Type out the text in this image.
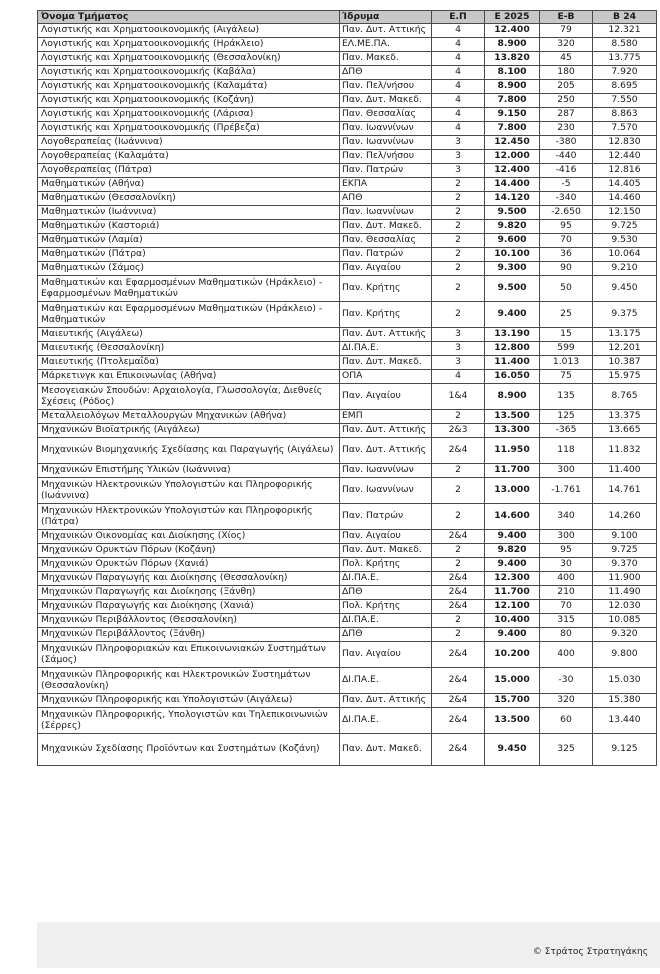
Όνομα Τμήματος	Ίδρυμα	Ε.Π	Ε 2025	Ε-Β	Β 24
Λογιστικής και Χρηματοοικονομικής (Αιγάλεω)	Παν. Δυτ. Αττικής	4	12.400	79	12.321
Λογιστικής και Χρηματοοικονομικής (Ηράκλειο)	ΕΛ.ΜΕ.ΠΑ.	4	8.900	320	8.580
Λογιστικής και Χρηματοοικονομικής (Θεσσαλονίκη)	Παν. Μακεδ.	4	13.820	45	13.775
Λογιστικής και Χρηματοοικονομικής (Καβάλα)	ΔΠΘ	4	8.100	180	7.920
Λογιστικής και Χρηματοοικονομικής (Καλαμάτα)	Παν. Πελ/νήσου	4	8.900	205	8.695
Λογιστικής και Χρηματοοικονομικής (Κοζάνη)	Παν. Δυτ. Μακεδ.	4	7.800	250	7.550
Λογιστικής και Χρηματοοικονομικής (Λάρισα)	Παν. Θεσσαλίας	4	9.150	287	8.863
Λογιστικής και Χρηματοοικονομικής (Πρέβεζα)	Παν. Ιωαννίνων	4	7.800	230	7.570
Λογοθεραπείας (Ιωάννινα)	Παν. Ιωαννίνων	3	12.450	-380	12.830
Λογοθεραπείας (Καλαμάτα)	Παν. Πελ/νήσου	3	12.000	-440	12.440
Λογοθεραπείας (Πάτρα)	Παν. Πατρών	3	12.400	-416	12.816
Μαθηματικών (Αθήνα)	ΕΚΠΑ	2	14.400	-5	14.405
Μαθηματικών (Θεσσαλονίκη)	ΑΠΘ	2	14.120	-340	14.460
Μαθηματικών (Ιωάννινα)	Παν. Ιωαννίνων	2	9.500	-2.650	12.150
Μαθηματικών (Καστοριά)	Παν. Δυτ. Μακεδ.	2	9.820	95	9.725
Μαθηματικών (Λαμία)	Παν. Θεσσαλίας	2	9.600	70	9.530
Μαθηματικών (Πάτρα)	Παν. Πατρών	2	10.100	36	10.064
Μαθηματικών (Σάμος)	Παν. Αιγαίου	2	9.300	90	9.210
Μαθηματικών και Εφαρμοσμένων Μαθηματικών (Ηράκλειο) - Εφαρμοσμένων Μαθηματικών	Παν. Κρήτης	2	9.500	50	9.450
Μαθηματικών και Εφαρμοσμένων Μαθηματικών (Ηράκλειο) - Μαθηματικών	Παν. Κρήτης	2	9.400	25	9.375
Μαιευτικής (Αιγάλεω)	Παν. Δυτ. Αττικής	3	13.190	15	13.175
Μαιευτικής (Θεσσαλονίκη)	ΔΙ.ΠΑ.Ε.	3	12.800	599	12.201
Μαιευτικής (Πτολεμαΐδα)	Παν. Δυτ. Μακεδ.	3	11.400	1.013	10.387
Μάρκετινγκ και Επικοινωνίας (Αθήνα)	ΟΠΑ	4	16.050	75	15.975
Μεσογειακών Σπουδών: Αρχαιολογία, Γλωσσολογία, Διεθνείς Σχέσεις (Ρόδος)	Παν. Αιγαίου	1&4	8.900	135	8.765
Μεταλλειολόγων Μεταλλουργών Μηχανικών (Αθήνα)	ΕΜΠ	2	13.500	125	13.375
Μηχανικών Βιοϊατρικής (Αιγάλεω)	Παν. Δυτ. Αττικής	2&3	13.300	-365	13.665
Μηχανικών Βιομηχανικής Σχεδίασης και Παραγωγής (Αιγάλεω)	Παν. Δυτ. Αττικής	2&4	11.950	118	11.832
Μηχανικών Επιστήμης Υλικών (Ιωάννινα)	Παν. Ιωαννίνων	2	11.700	300	11.400
Μηχανικών Ηλεκτρονικών Υπολογιστών και Πληροφορικής (Ιωάννινα)	Παν. Ιωαννίνων	2	13.000	-1.761	14.761
Μηχανικών Ηλεκτρονικών Υπολογιστών και Πληροφορικής (Πάτρα)	Παν. Πατρών	2	14.600	340	14.260
Μηχανικών Οικονομίας και Διοίκησης (Χίος)	Παν. Αιγαίου	2&4	9.400	300	9.100
Μηχανικών Ορυκτών Πόρων (Κοζάνη)	Παν. Δυτ. Μακεδ.	2	9.820	95	9.725
Μηχανικών Ορυκτών Πόρων (Χανιά)	Πολ. Κρήτης	2	9.400	30	9.370
Μηχανικών Παραγωγής και Διοίκησης (Θεσσαλονίκη)	ΔΙ.ΠΑ.Ε.	2&4	12.300	400	11.900
Μηχανικών Παραγωγής και Διοίκησης (Ξάνθη)	ΔΠΘ	2&4	11.700	210	11.490
Μηχανικών Παραγωγής και Διοίκησης (Χανιά)	Πολ. Κρήτης	2&4	12.100	70	12.030
Μηχανικών Περιβάλλοντος (Θεσσαλονίκη)	ΔΙ.ΠΑ.Ε.	2	10.400	315	10.085
Μηχανικών Περιβάλλοντος (Ξάνθη)	ΔΠΘ	2	9.400	80	9.320
Μηχανικών Πληροφοριακών και Επικοινωνιακών Συστημάτων (Σάμος)	Παν. Αιγαίου	2&4	10.200	400	9.800
Μηχανικών Πληροφορικής και Ηλεκτρονικών Συστημάτων (Θεσσαλονίκη)	ΔΙ.ΠΑ.Ε.	2&4	15.000	-30	15.030
Μηχανικών Πληροφορικής και Υπολογιστών (Αιγάλεω)	Παν. Δυτ. Αττικής	2&4	15.700	320	15.380
Μηχανικών Πληροφορικής, Υπολογιστών και Τηλεπικοινωνιών (Σέρρες)	ΔΙ.ΠΑ.Ε.	2&4	13.500	60	13.440
Μηχανικών Σχεδίασης Προϊόντων και Συστημάτων (Κοζάνη)	Παν. Δυτ. Μακεδ.	2&4	9.450	325	9.125
© Στράτος Στρατηγάκης
